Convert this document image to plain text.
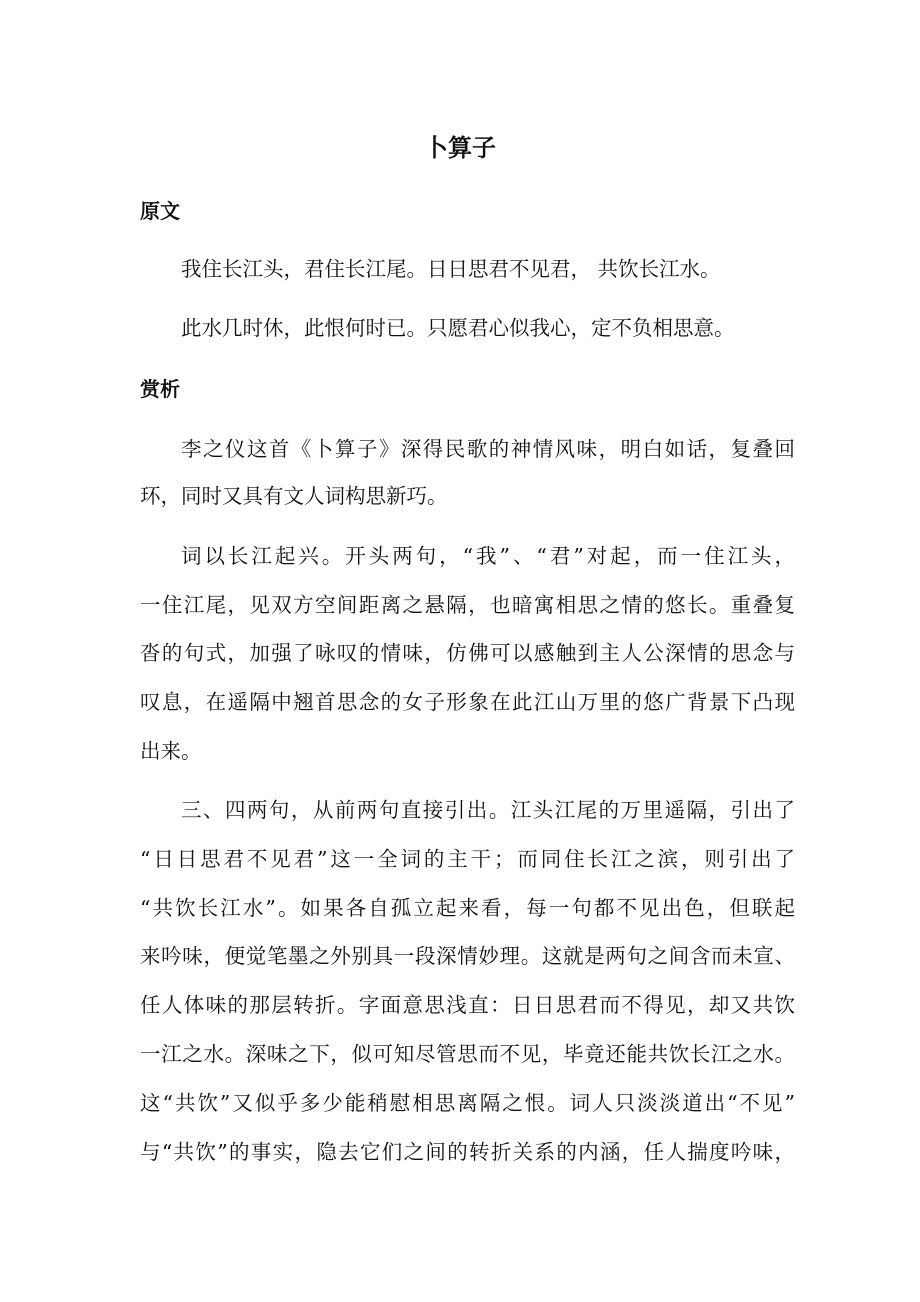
卜算子
原文

我住长江头，君住长江尾。日日思君不见君， 共饮长江水。

此水几时休，此恨何时已。只愿君心似我心，定不负相思意。

赏析

李之仪这首《卜算子》深得民歌的神情风味，明白如话，复叠回

环，同时又具有文人词构思新巧。

词以长江起兴。开头两句，“我”、“君”对起，而一住江头，

一住江尾，见双方空间距离之悬隔，也暗寓相思之情的悠长。重叠复

沓的句式，加强了咏叹的情味，仿佛可以感触到主人公深情的思念与

叹息，在遥隔中翘首思念的女子形象在此江山万里的悠广背景下凸现

出来。

三、四两句，从前两句直接引出。江头江尾的万里遥隔，引出了

“日日思君不见君”这一全词的主干；而同住长江之滨，则引出了

“共饮长江水”。如果各自孤立起来看，每一句都不见出色，但联起

来吟味，便觉笔墨之外别具一段深情妙理。这就是两句之间含而未宣、

任人体味的那层转折。字面意思浅直：日日思君而不得见，却又共饮

一江之水。深味之下，似可知尽管思而不见，毕竟还能共饮长江之水。

这“共饮”又似乎多少能稍慰相思离隔之恨。词人只淡淡道出“不见”

与“共饮”的事实，隐去它们之间的转折关系的内涵，任人揣度吟味，
